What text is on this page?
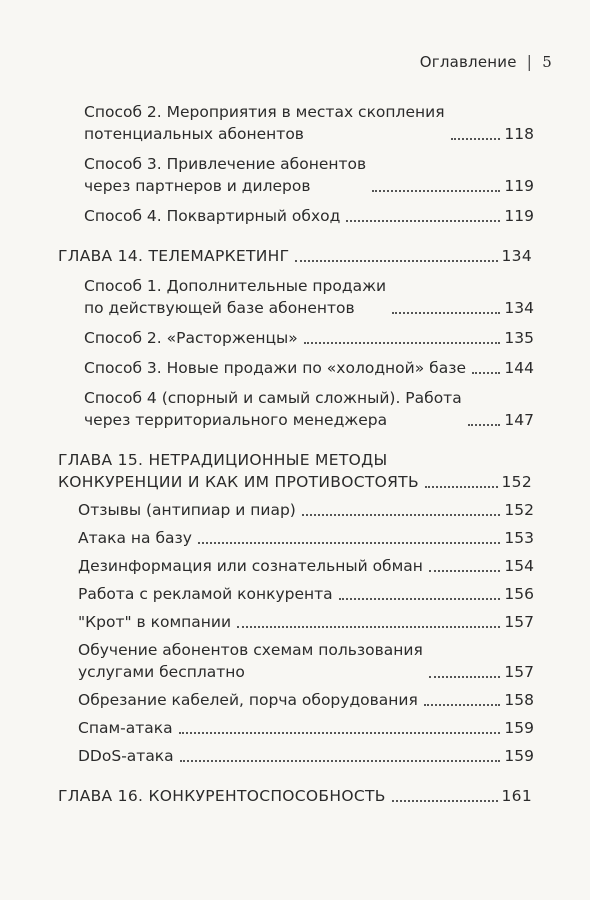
Оглавление | 5
Способ 2. Мероприятия в местах скопления
потенциальных абонентов	118
Способ 3. Привлечение абонентов
через партнеров и дилеров	119
Способ 4. Поквартирный обход	119
ГЛАВА 14. ТЕЛЕМАРКЕТИНГ	134
Способ 1. Дополнительные продажи
по действующей базе абонентов	134
Способ 2. «Расторженцы»	135
Способ 3. Новые продажи по «холодной» базе 144
Способ 4 (спорный и самый сложный). Работа
через территориального менеджера	147
ГЛАВА 15. НЕТРАДИЦИОННЫЕ МЕТОДЫ
КОНКУРЕНЦИИ И КАК ИМ ПРОТИВОСТОЯТЬ	152
Отзывы (антипиар и пиар)	152
Атака на базу	153
Дезинформация или сознательный обман	154
Работа с рекламой конкурента	156
"Крот" в компании	157
Обучение абонентов схемам пользования
услугами бесплатно	157
Обрезание кабелей, порча оборудования	158
Спам-атака	159
DDoS-атака	159
ГЛАВА 16. КОНКУРЕНТОСПОСОБНОСТЬ	161
